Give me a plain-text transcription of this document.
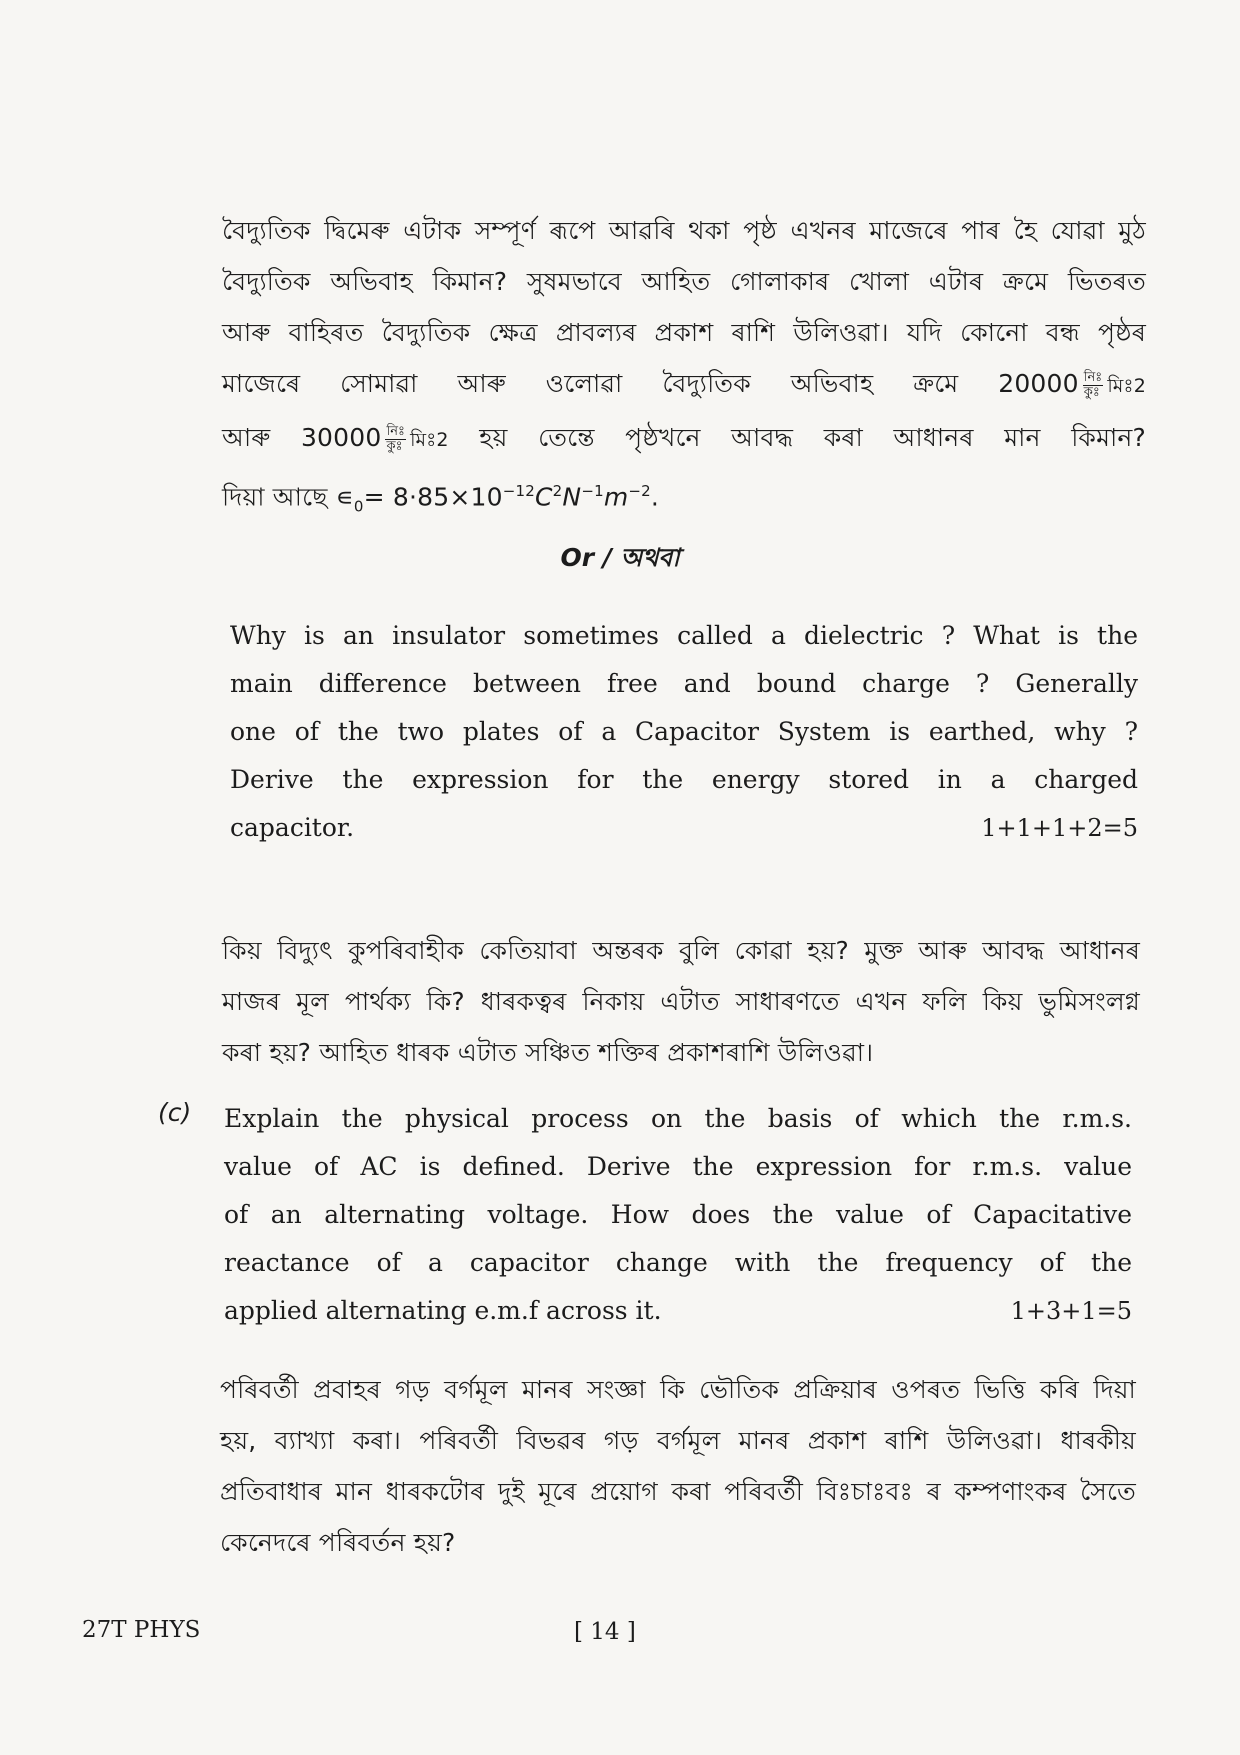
বৈদ্যুতিক দ্বিমেৰু এটাক সম্পূৰ্ণ ৰূপে আৱৰি থকা পৃষ্ঠ এখনৰ মাজেৰে পাৰ হৈ যোৱা মুঠ
বৈদ্যুতিক অভিবাহ কিমান? সুষমভাবে আহিত গোলাকাৰ খোলা এটাৰ ক্ৰমে ভিতৰত
আৰু বাহিৰত বৈদ্যুতিক ক্ষেত্ৰ প্ৰাবল্যৰ প্ৰকাশ ৰাশি উলিওৱা। যদি কোনো বন্ধ পৃষ্ঠৰ
মাজেৰে সোমাৱা আৰু ওলোৱা বৈদ্যুতিক অভিবাহ ক্ৰমে $20000 \frac{\text{নিঃ}}{\text{কুঃ}}$ মিঃ2
আৰু $30000 \frac{\text{নিঃ}}{\text{কুঃ}}$ মিঃ2 হয় তেন্তে পৃষ্ঠখনে আবদ্ধ কৰা আধানৰ মান কিমান?
দিয়া আছে $∊_0= 8\cdot 85\times 10^{-12}C^2N^{-1}m^{-2}$.
Or / অথবা
Why is an insulator sometimes called a dielectric ? What is the
main difference between free and bound charge ? Generally
one of the two plates of a Capacitor System is earthed, why ?
Derive the expression for the energy stored in a charged
capacitor.	1+1+1+2=5
কিয় বিদ্যুৎ কুপৰিবাহীক কেতিয়াবা অন্তৰক বুলি কোৱা হয়? মুক্ত আৰু আবদ্ধ আধানৰ
মাজৰ মূল পাৰ্থক্য কি? ধাৰকত্বৰ নিকায় এটাত সাধাৰণতে এখন ফলি কিয় ভুমিসংলগ্ন
কৰা হয়? আহিত ধাৰক এটাত সঞ্চিত শক্তিৰ প্ৰকাশৰাশি উলিওৱা।
(c) Explain the physical process on the basis of which the r.m.s.
value of AC is defined. Derive the expression for r.m.s. value
of an alternating voltage. How does the value of Capacitative
reactance of a capacitor change with the frequency of the
applied alternating e.m.f across it.	1+3+1=5
পৰিবৰ্তী প্ৰবাহৰ গড় বৰ্গমূল মানৰ সংজ্ঞা কি ভৌতিক প্ৰক্ৰিয়াৰ ওপৰত ভিত্তি কৰি দিয়া
হয়, ব্যাখ্যা কৰা। পৰিবৰ্তী বিভৱৰ গড় বৰ্গমূল মানৰ প্ৰকাশ ৰাশি উলিওৱা। ধাৰকীয়
প্ৰতিবাধাৰ মান ধাৰকটোৰ দুই মূৰে প্ৰয়োগ কৰা পৰিবৰ্তী বিঃচাঃবঃ ৰ কম্পণাংকৰ সৈতে
কেনেদৰে পৰিবৰ্তন হয়?
27T PHYS	[ 14 ]
